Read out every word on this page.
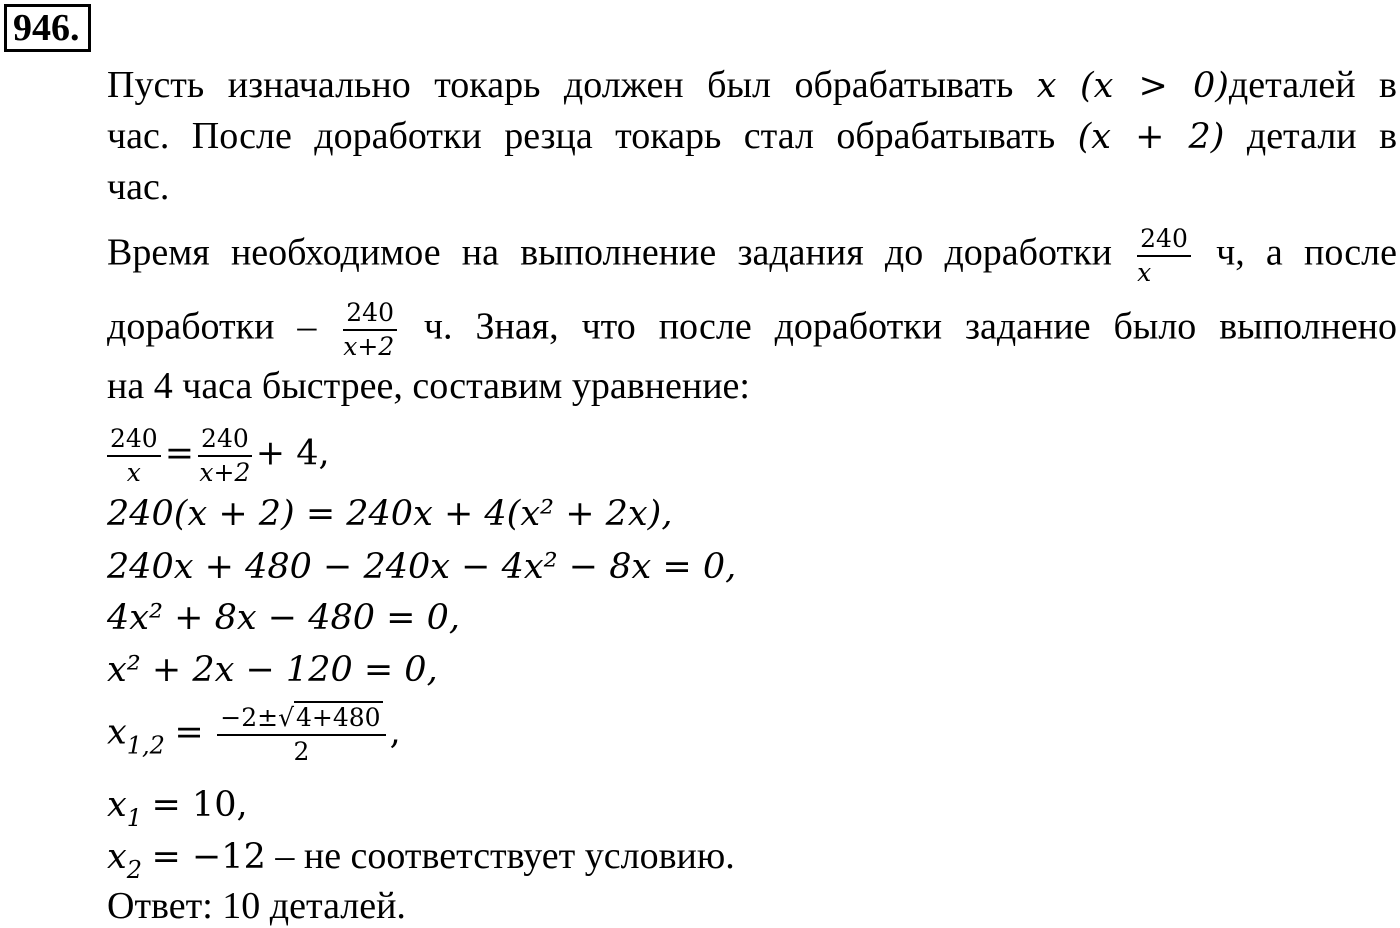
946.
Пусть изначально токарь должен был обрабатывать x (x > 0)деталей в
час. После доработки резца токарь стал обрабатывать (x + 2) детали в
час.
Время необходимое на выполнение задания до доработки $\frac{240}{x} ч$, а после
доработки – $\frac{240}{x+2} ч$. Зная, что после доработки задание было выполнено
на 4 часа быстрее, составим уравнение:
$\frac{240}{x} = \frac{240}{x+2} + 4$,
240(x + 2) = 240x + 4(x² + 2x),
240x + 480 − 240x − 4x² − 8x = 0,
4x² + 8x − 480 = 0,
x² + 2x − 120 = 0,
$x_{1,2} = \frac{-2\pm√4+480}{2}$ ,
$x_1 = 10$,
$x_2 = -12$ – не соответствует условию.
Ответ: 10 деталей.
